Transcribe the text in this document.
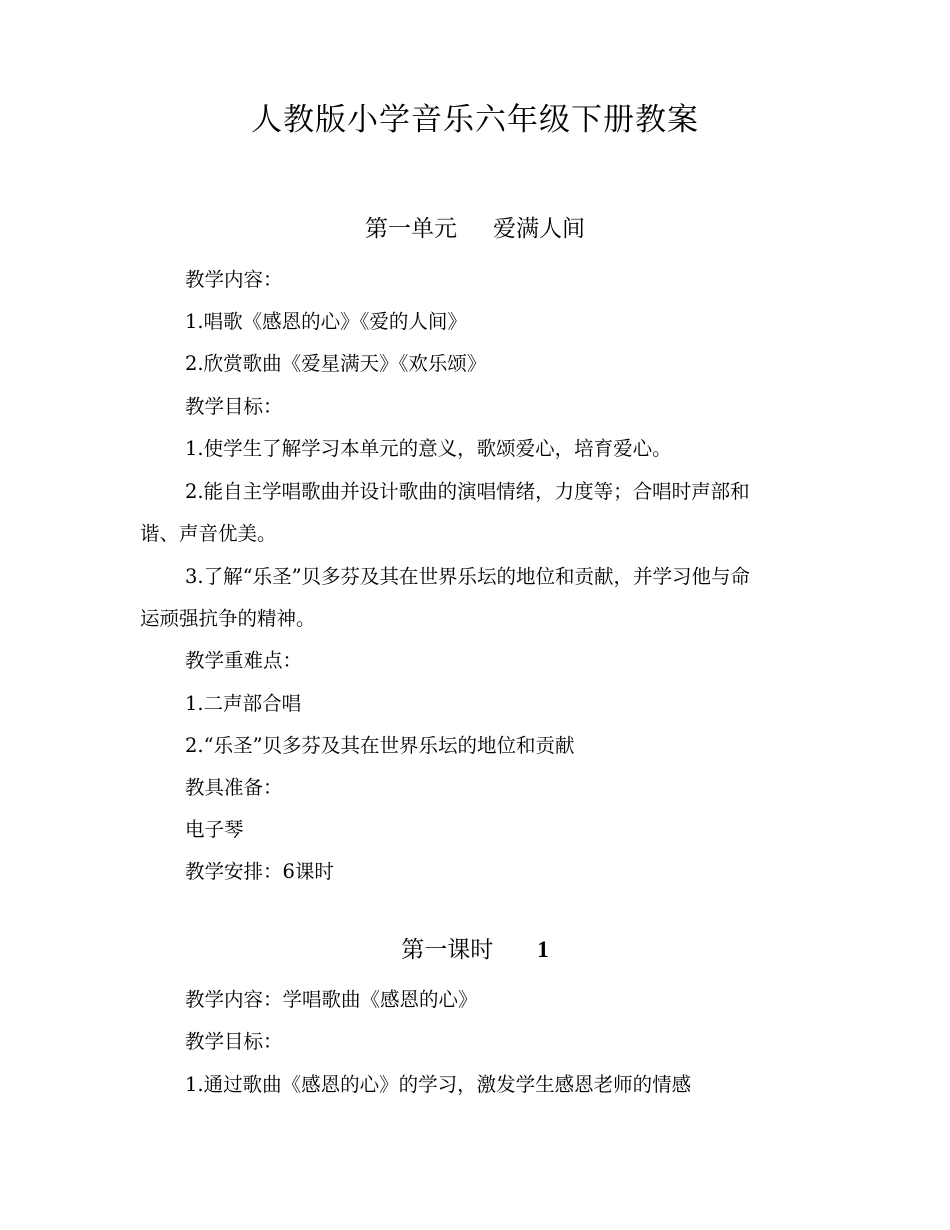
人教版小学音乐六年级下册教案
第一单元 爱满人间
教学内容：
1.唱歌《感恩的心》《爱的人间》
2.欣赏歌曲《爱星满天》《欢乐颂》
教学目标：
1.使学生了解学习本单元的意义，歌颂爱心，培育爱心。
2.能自主学唱歌曲并设计歌曲的演唱情绪，力度等；合唱时声部和
谐、声音优美。
3.了解“乐圣”贝多芬及其在世界乐坛的地位和贡献，并学习他与命
运顽强抗争的精神。
教学重难点：
1.二声部合唱
2.“乐圣”贝多芬及其在世界乐坛的地位和贡献
教具准备：
电子琴
教学安排：6课时
第一课时 1
教学内容：学唱歌曲《感恩的心》
教学目标：
1.通过歌曲《感恩的心》的学习，激发学生感恩老师的情感
